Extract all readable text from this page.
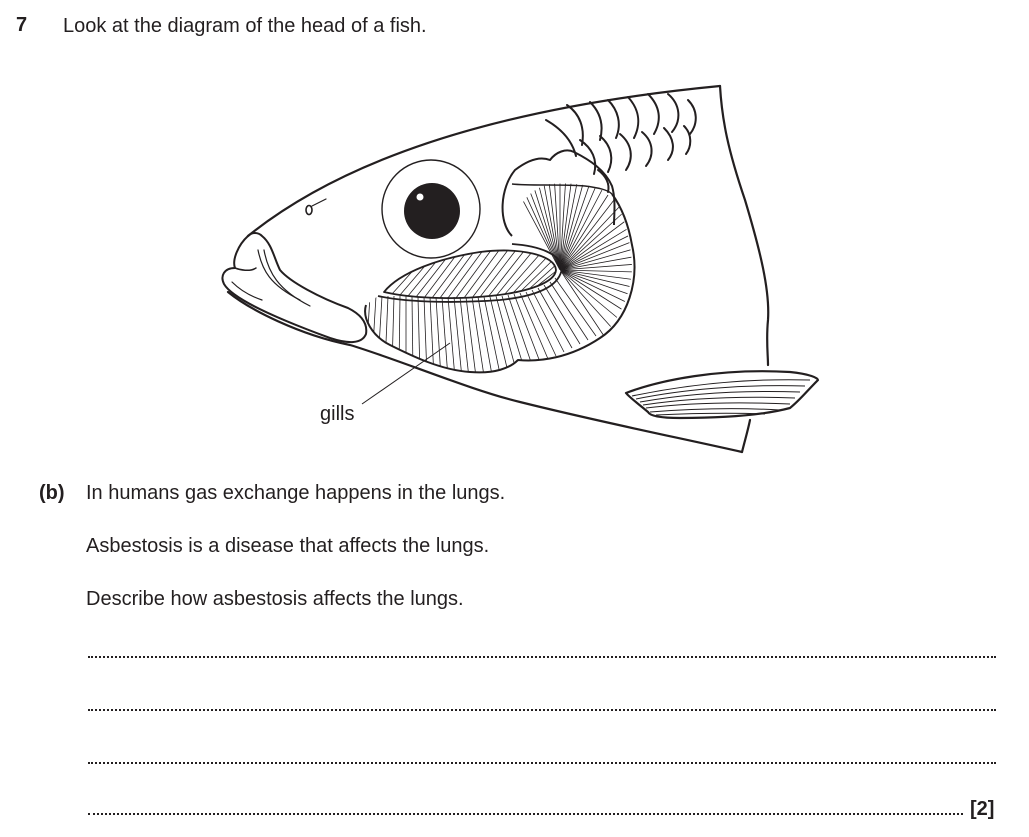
7 Look at the diagram of the head of a fish.
gills
(b) In humans gas exchange happens in the lungs.
Asbestosis is a disease that affects the lungs.
Describe how asbestosis affects the lungs.
[2]
